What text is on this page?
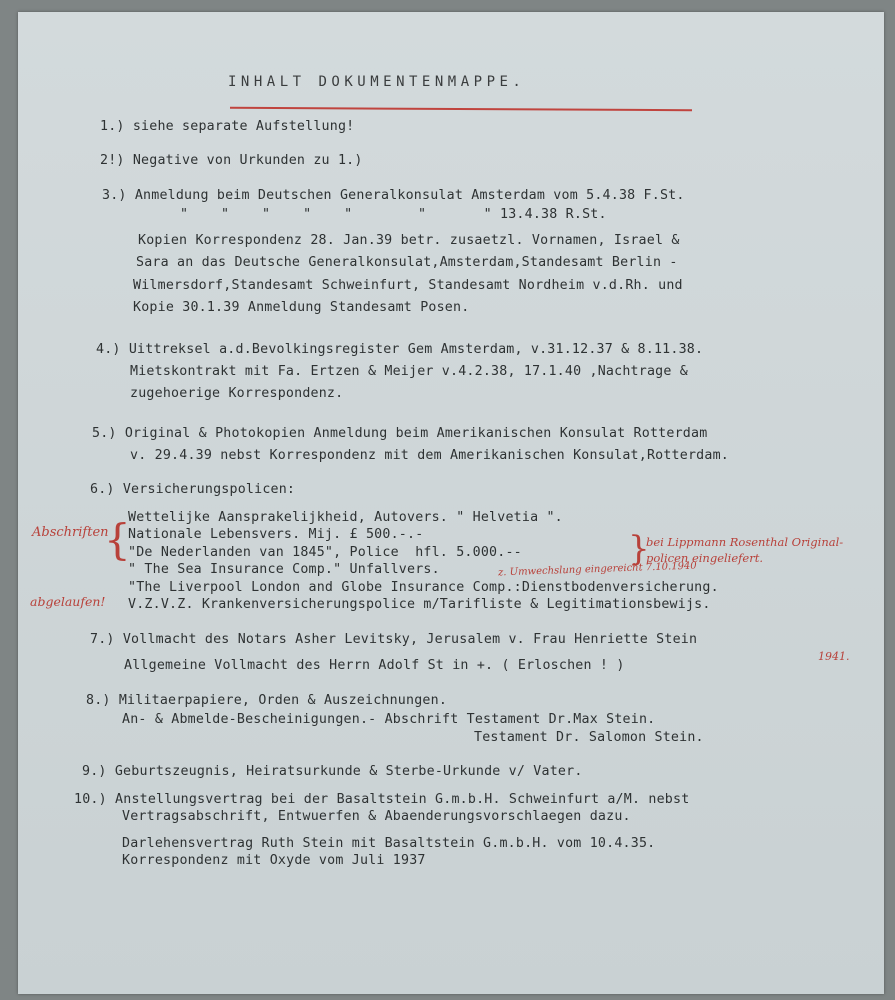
INHALT DOKUMENTENMAPPE.
1.) siehe separate Aufstellung!
2!) Negative von Urkunden zu 1.)
3.) Anmeldung beim Deutschen Generalkonsulat Amsterdam vom 5.4.38 F.St.
"    "    "    "    "        "       " 13.4.38 R.St.
Kopien Korrespondenz 28. Jan.39 betr. zusaetzl. Vornamen, Israel &
Sara an das Deutsche Generalkonsulat,Amsterdam,Standesamt Berlin -
Wilmersdorf,Standesamt Schweinfurt, Standesamt Nordheim v.d.Rh. und
Kopie 30.1.39 Anmeldung Standesamt Posen.
4.) Uittreksel a.d.Bevolkingsregister Gem Amsterdam, v.31.12.37 & 8.11.38.
Mietskontrakt mit Fa. Ertzen & Meijer v.4.2.38, 17.1.40 ,Nachtrage &
zugehoerige Korrespondenz.
5.) Original & Photokopien Anmeldung beim Amerikanischen Konsulat Rotterdam
v. 29.4.39 nebst Korrespondenz mit dem Amerikanischen Konsulat,Rotterdam.
6.) Versicherungspolicen:
Wettelijke Aansprakelijkheid, Autovers. " Helvetia ".
Nationale Lebensvers. Mij. £ 500.-.-
"De Nederlanden van 1845", Police  hfl. 5.000.--
" The Sea Insurance Comp." Unfallvers.
"The Liverpool London and Globe Insurance Comp.:Dienstbodenversicherung.
V.Z.V.Z. Krankenversicherungspolice m/Tarifliste & Legitimationsbewijs.
7.) Vollmacht des Notars Asher Levitsky, Jerusalem v. Frau Henriette Stein
Allgemeine Vollmacht des Herrn Adolf St in +. ( Erloschen ! )
8.) Militaerpapiere, Orden & Auszeichnungen.
An- & Abmelde-Bescheinigungen.- Abschrift Testament Dr.Max Stein.
Testament Dr. Salomon Stein.
9.) Geburtszeugnis, Heiratsurkunde & Sterbe-Urkunde v/ Vater.
10.) Anstellungsvertrag bei der Basaltstein G.m.b.H. Schweinfurt a/M. nebst
Vertragsabschrift, Entwuerfen & Abaenderungsvorschlaegen dazu.
Darlehensvertrag Ruth Stein mit Basaltstein G.m.b.H. vom 10.4.35.
Korrespondenz mit Oxyde vom Juli 1937
Abschriften
{	}
bei Lippmann Rosenthal Original-
policen eingeliefert.
z. Umwechslung eingereicht 7.10.1940
abgelaufen!
1941.
